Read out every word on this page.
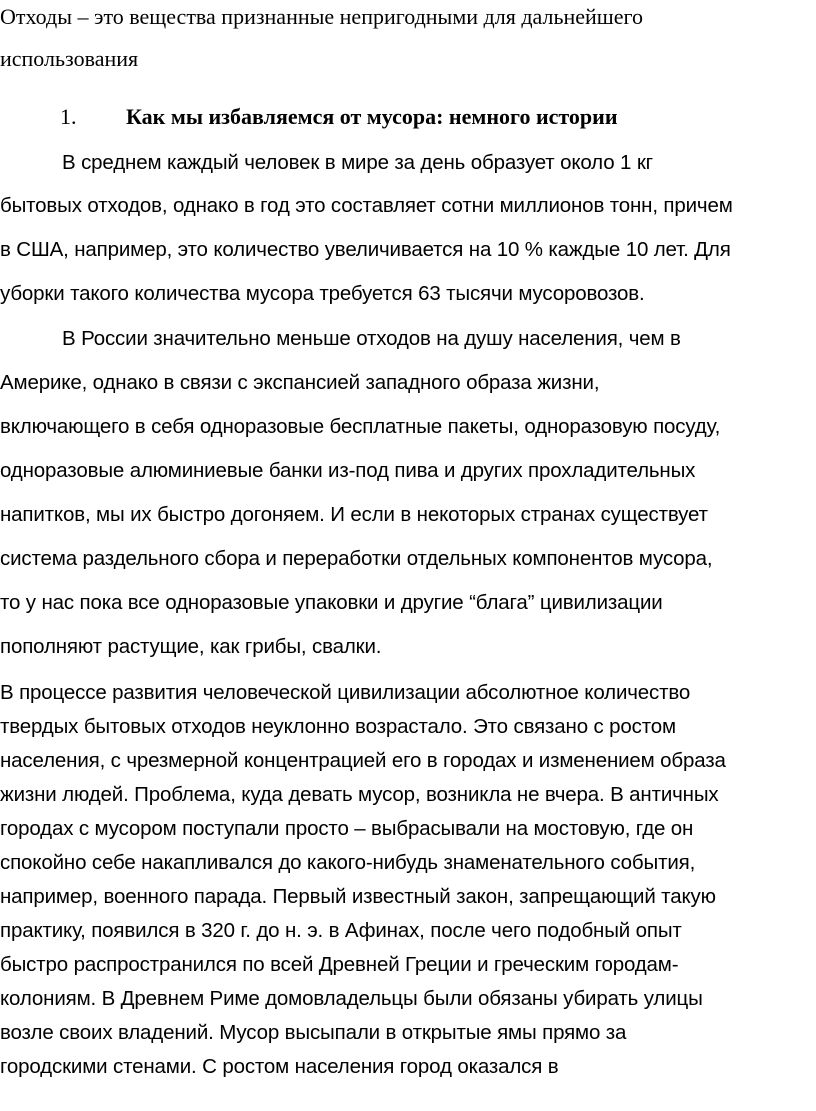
Отходы – это вещества признанные непригодными для дальнейшего
использования
1. Как мы избавляемся от мусора: немного истории
В среднем каждый человек в мире за день образует около 1 кг
бытовых отходов, однако в год это составляет сотни миллионов тонн, причем
в США, например, это количество увеличивается на 10 % каждые 10 лет. Для
уборки такого количества мусора требуется 63 тысячи мусоровозов.
В России значительно меньше отходов на душу населения, чем в
Америке, однако в связи с экспансией западного образа жизни,
включающего в себя одноразовые бесплатные пакеты, одноразовую посуду,
одноразовые алюминиевые банки из-под пива и других прохладительных
напитков, мы их быстро догоняем. И если в некоторых странах существует
система раздельного сбора и переработки отдельных компонентов мусора,
то у нас пока все одноразовые упаковки и другие “блага” цивилизации
пополняют растущие, как грибы, свалки.
В процессе развития человеческой цивилизации абсолютное количество
твердых бытовых отходов неуклонно возрастало. Это связано с ростом
населения, с чрезмерной концентрацией его в городах и изменением образа
жизни людей. Проблема, куда девать мусор, возникла не вчера. В античных
городах с мусором поступали просто – выбрасывали на мостовую, где он
спокойно себе накапливался до какого-нибудь знаменательного события,
например, военного парада. Первый известный закон, запрещающий такую
практику, появился в 320 г. до н. э. в Афинах, после чего подобный опыт
быстро распространился по всей Древней Греции и греческим городам-
колониям. В Древнем Риме домовладельцы были обязаны убирать улицы
возле своих владений. Мусор высыпали в открытые ямы прямо за
городскими стенами. С ростом населения город оказался в
